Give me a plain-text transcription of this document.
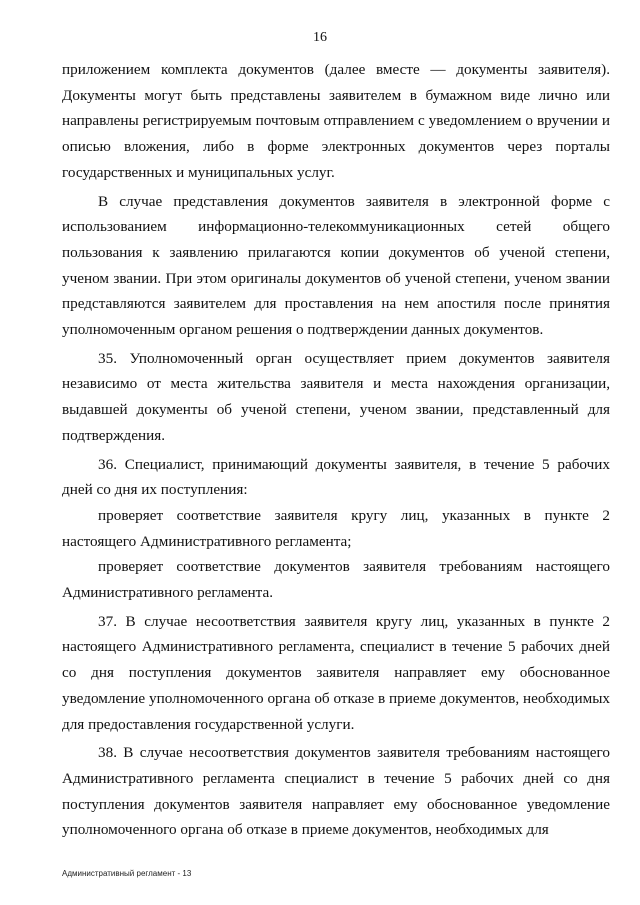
16

приложением комплекта документов (далее вместе — документы заявителя). Документы могут быть представлены заявителем в бумажном виде лично или направлены регистрируемым почтовым отправлением с уведомлением о вручении и описью вложения, либо в форме электронных документов через порталы государственных и муниципальных услуг.

В случае представления документов заявителя в электронной форме с использованием информационно-телекоммуникационных сетей общего пользования к заявлению прилагаются копии документов об ученой степени, ученом звании. При этом оригиналы документов об ученой степени, ученом звании представляются заявителем для проставления на нем апостиля после принятия уполномоченным органом решения о подтверждении данных документов.

35. Уполномоченный орган осуществляет прием документов заявителя независимо от места жительства заявителя и места нахождения организации, выдавшей документы об ученой степени, ученом звании, представленный для подтверждения.

36. Специалист, принимающий документы заявителя, в течение 5 рабочих дней со дня их поступления:

проверяет соответствие заявителя кругу лиц, указанных в пункте 2 настоящего Административного регламента;

проверяет соответствие документов заявителя требованиям настоящего Административного регламента.

37. В случае несоответствия заявителя кругу лиц, указанных в пункте 2 настоящего Административного регламента, специалист в течение 5 рабочих дней со дня поступления документов заявителя направляет ему обоснованное уведомление уполномоченного органа об отказе в приеме документов, необходимых для предоставления государственной услуги.

38. В случае несоответствия документов заявителя требованиям настоящего Административного регламента специалист в течение 5 рабочих дней со дня поступления документов заявителя направляет ему обоснованное уведомление уполномоченного органа об отказе в приеме документов, необходимых для

Административный регламент - 13
